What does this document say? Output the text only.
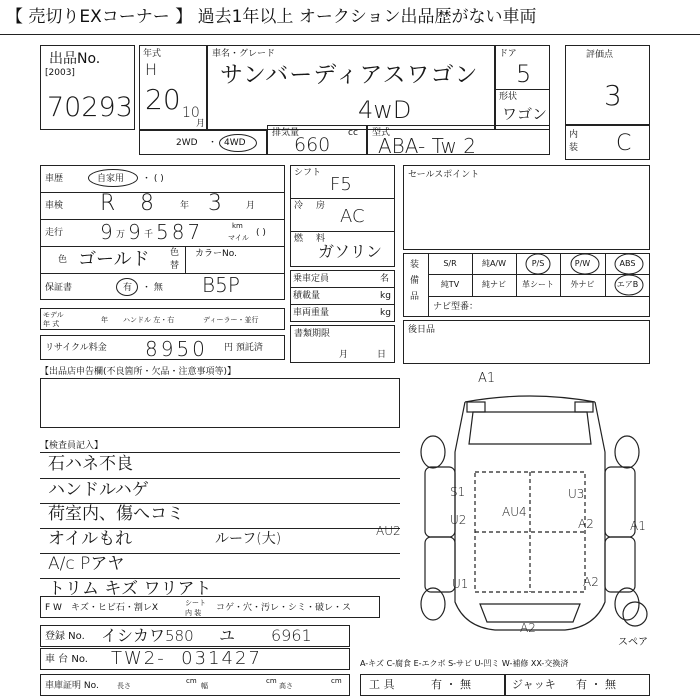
【 売切りEXコーナー 】 過去1年以上 オークション出品歴がない車両
出品No.
[2003]
70293
年式
H
20 10
月
車名・グレード
サンバーディアスワゴン
4wD
ドア
5
形状
ワゴン
評価点
3
内
装 C
2WD ・ 4WD
排気量	cc
660
型式
ABA- Tw 2
車歴	自家用 ・ ( )
車検 R 8	年 3	月
走行 9 万 9 千 587	km
マイル ( )
色 ゴールド 色
替
カラーNo.
保証書	有 ・ 無 B5P
モデル
年 式	年 ハンドル 左・右	ディーラー・並行
リサイクル料金 8950 円 預託済
シフト
F5
冷 房 AC
燃 料
ガソリン
乗車定員	名
積載量	kg
車両重量	kg
書類期限
月	日
セールスポイント
装
備
品
S/R	純A/W	P/S	P/W	ABS
純TV	純ナビ	革シート	外ナビ	エアB
ナビ型番：
後日品
【出品店申告欄(不良箇所・欠品・注意事項等)】
【検査員記入】
石ハネ不良
ハンドルハゲ
荷室内、傷へコミ
オイルもれ	ルーフ(大)
A/c Pアヤ
トリム キズ ワリアト
A1
S1
AU4
U3
U2	A2
AU2	A1
U1	A2
A2
スペア
F W キズ・ヒビ石・割レX	シート
内 装 コゲ・穴・汚レ・シミ・破レ・ス
登録 No. イシカワ 580 ユ 6961
車 台 No. TW2-  031427	A-キズ C-腐食 E-エクボ S-サビ U-凹ミ W-補修 XX-交換済
車庫証明 No.	長さ
cm
幅
cm
高さ
cm 工 具	有 ・ 無	ジャッキ 有 ・ 無
